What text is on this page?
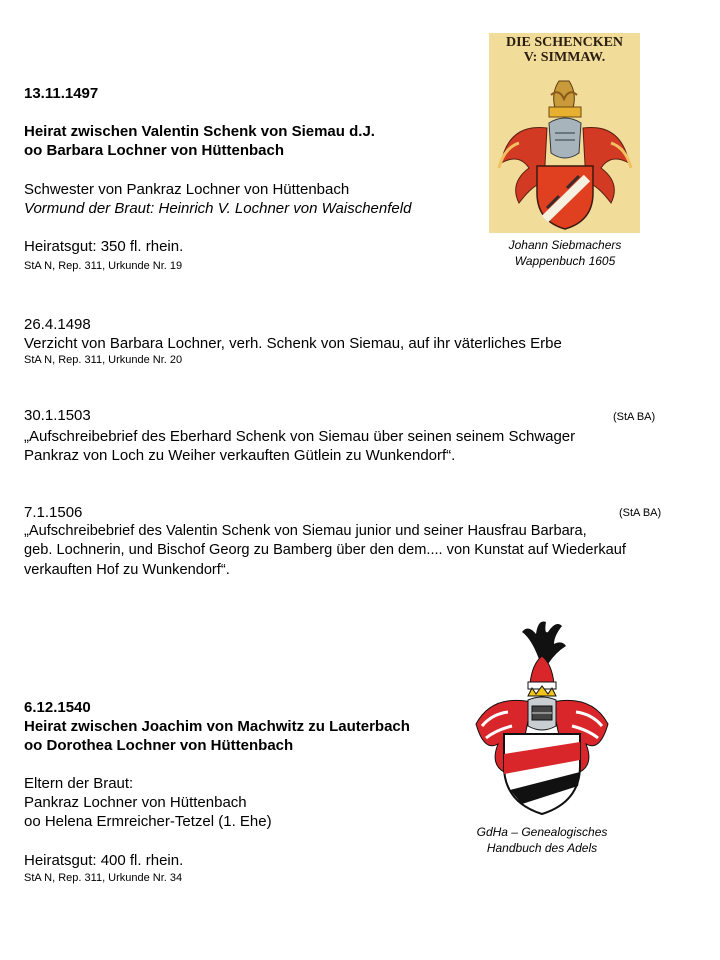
13.11.1497
Heirat zwischen Valentin Schenk von Siemau d.J.
oo Barbara Lochner von Hüttenbach
Schwester von Pankraz Lochner von Hüttenbach
Vormund der Braut: Heinrich V. Lochner von Waischenfeld
Heiratsgut: 350 fl. rhein.
StA N, Rep. 311, Urkunde Nr. 19
DIE SCHENCKEN
V: SIMMAW.
Johann Siebmachers
Wappenbuch 1605
26.4.1498
Verzicht von Barbara Lochner, verh. Schenk von Siemau, auf ihr väterliches Erbe
StA N, Rep. 311, Urkunde Nr. 20
30.1.1503	(StA BA)
„Aufschreibebrief des Eberhard Schenk von Siemau über seinen seinem Schwager
Pankraz von Loch zu Weiher verkauften Gütlein zu Wunkendorf“.
7.1.1506	(StA BA)
„Aufschreibebrief des Valentin Schenk von Siemau junior und seiner Hausfrau Barbara,
geb. Lochnerin, und Bischof Georg zu Bamberg über den dem.... von Kunstat auf Wiederkauf
verkauften Hof zu Wunkendorf“.
GdHa – Genealogisches
Handbuch des Adels
6.12.1540
Heirat zwischen Joachim von Machwitz zu Lauterbach
oo Dorothea Lochner von Hüttenbach
Eltern der Braut:
Pankraz Lochner von Hüttenbach
oo Helena Ermreicher-Tetzel (1. Ehe)
Heiratsgut: 400 fl. rhein.
StA N, Rep. 311, Urkunde Nr. 34
